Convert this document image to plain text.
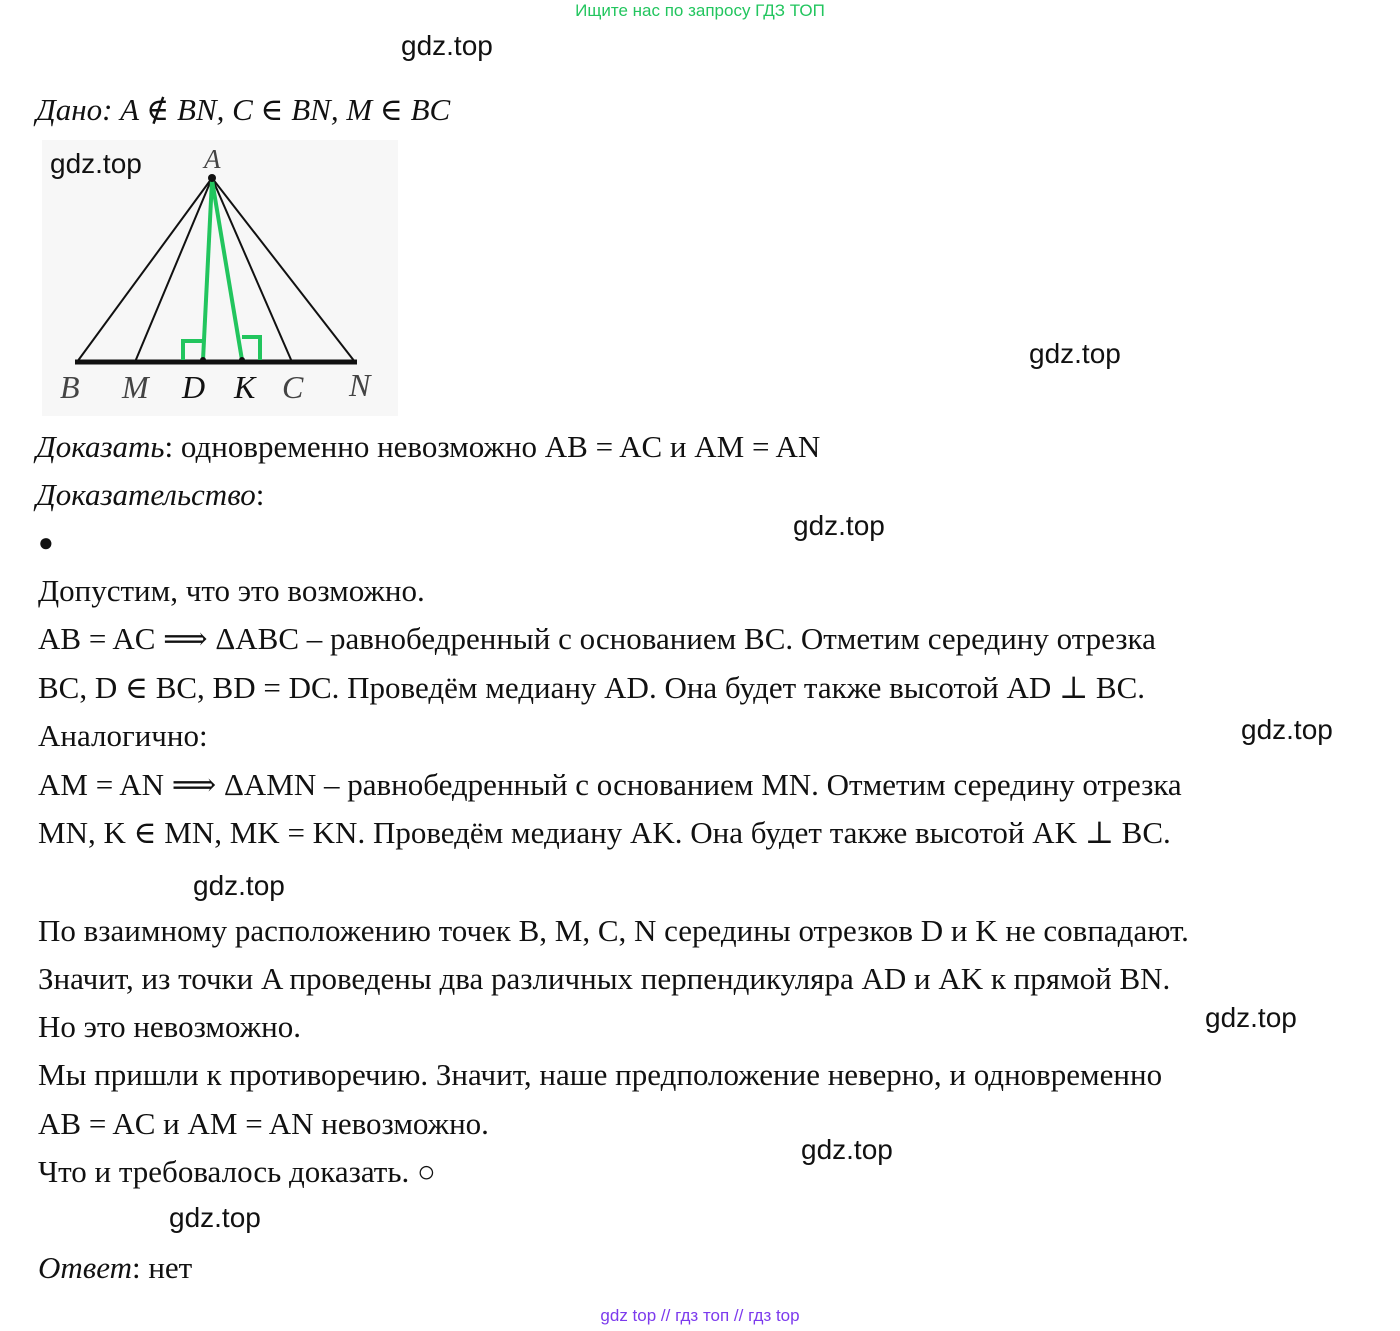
Ищите нас по запросу ГДЗ ТОП
gdz.top
Дано: A ∉ BN, C ∈ BN, M ∈ BC
A
B M D K C N
gdz.top
gdz.top
Доказать: одновременно невозможно AB = AC и AM = AN
Доказательство:
gdz.top
●
Допустим, что это возможно.
AB = AC ⟹ ΔABC – равнобедренный с основанием BC. Отметим середину отрезка
BC, D ∈ BC, BD = DC. Проведём медиану AD. Она будет также высотой AD ⊥ BC.
Аналогично:	gdz.top
AM = AN ⟹ ΔAMN – равнобедренный с основанием MN. Отметим середину отрезка
MN, K ∈ MN, MK = KN. Проведём медиану AK. Она будет также высотой AK ⊥ BC.
gdz.top
По взаимному расположению точек B, M, C, N середины отрезков D и K не совпадают.
Значит, из точки A проведены два различных перпендикуляра AD и AK к прямой BN.
Но это невозможно.	gdz.top
Мы пришли к противоречию. Значит, наше предположение неверно, и одновременно
AB = AC и AM = AN невозможно.
gdz.top
Что и требовалось доказать. ○
gdz.top
Ответ: нет
gdz top // гдз топ // гдз top
